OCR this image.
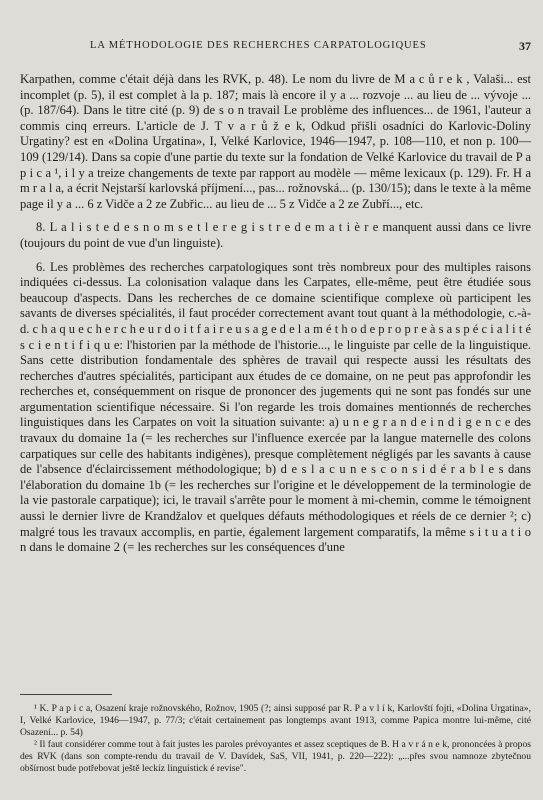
LA MÉTHODOLOGIE DES RECHERCHES CARPATOLOGIQUES	37

Karpathen, comme c'était déjà dans les RVK, p. 48). Le nom du livre de M a c ů r e k , Valaši... est incomplet (p. 5), il est complet à la p. 187; mais là encore il y a ... rozvoje ... au lieu de ... vývoje ... (p. 187/64). Dans le titre cité (p. 9) de s o n travail Le problème des influences... de 1961, l'auteur a commis cinq erreurs. L'article de J. T v a r ů ž e k, Odkud přišli osadníci do Karlovic-Doliny Urgatiny? est en «Dolina Urgatina», I, Velké Karlovice, 1946—1947, p. 108—110, et non p. 100—109 (129/14). Dans sa copie d'une partie du texte sur la fondation de Velké Karlovice du travail de P a p i c a ¹, i l y a treize changements de texte par rapport au modèle — même lexicaux (p. 129). Fr. H a m r a l a, a écrit Nejstarší karlovská příjmení..., pas... rožnovská... (p. 130/15); dans le texte à la même page il y a ... 6 z Vidče a 2 ze Zubřic... au lieu de ... 5 z Vidče a 2 ze Zubří..., etc.

8. L a l i s t e d e s n o m s e t l e r e g i s t r e d e m a t i è r e manquent aussi dans ce livre (toujours du point de vue d'un linguiste).

6. Les problèmes des recherches carpatologiques sont très nombreux pour des multiples raisons indiquées ci-dessus. La colonisation valaque dans les Carpates, elle-même, peut être étudiée sous beaucoup d'aspects. Dans les recherches de ce domaine scientifique complexe où participent les savants de diverses spécialités, il faut procéder correctement avant tout quant à la méthodologie, c.-à-d. c h a q u e c h e r c h e u r d o i t f a i r e u s a g e d e l a m é t h o d e p r o p r e à s a s p é c i a l i t é s c i e n t i f i q u e: l'historien par la méthode de l'historie..., le linguiste par celle de la linguistique. Sans cette distribution fondamentale des sphères de travail qui respecte aussi les résultats des recherches d'autres spécialités, participant aux études de ce domaine, on ne peut pas approfondir les recherches et, conséquemment on risque de prononcer des jugements qui ne sont pas fondés sur une argumentation scientifique nécessaire. Si l'on regarde les trois domaines mentionnés de recherches linguistiques dans les Carpates on voit la situation suivante: a) u n e g r a n d e i n d i g e n c e des travaux du domaine 1a (= les recherches sur l'influence exercée par la langue maternelle des colons carpatiques sur celle des habitants indigènes), presque complètement négligés par les savants à cause de l'absence d'éclaircissement méthodologique; b) d e s l a c u n e s c o n s i d é r a b l e s dans l'élaboration du domaine 1b (= les recherches sur l'origine et le développement de la terminologie de la vie pastorale carpatique); ici, le travail s'arrête pour le moment à mi-chemin, comme le témoignent aussi le dernier livre de Krandžalov et quelques défauts méthodologiques et réels de ce dernier ²; c) malgré tous les travaux accomplis, en partie, également largement comparatifs, la même s i t u a t i o n dans le domaine 2 (= les recherches sur les conséquences d'une

¹ K. P a p i c a, Osazení kraje rožnovského, Rožnov, 1905 (?; ainsi supposé par R. P a v l í k, Karlovští fojti, «Dolina Urgatina», I, Velké Karlovice, 1946—1947, p. 77/3; c'était certainement pas longtemps avant 1913, comme Papica montre lui-même, cité Osazení... p. 54)

² Il faut considérer comme tout à fait justes les paroles prévoyantes et assez sceptiques de B. H a v r á n e k, prononcées à propos des RVK (dans son compte-rendu du travail de V. Davídek, SaS, VII, 1941, p. 220—222): „...přes svou namnoze zbytečnou obšírnost bude potřebovat ještě leckíz linguistick é revise".
